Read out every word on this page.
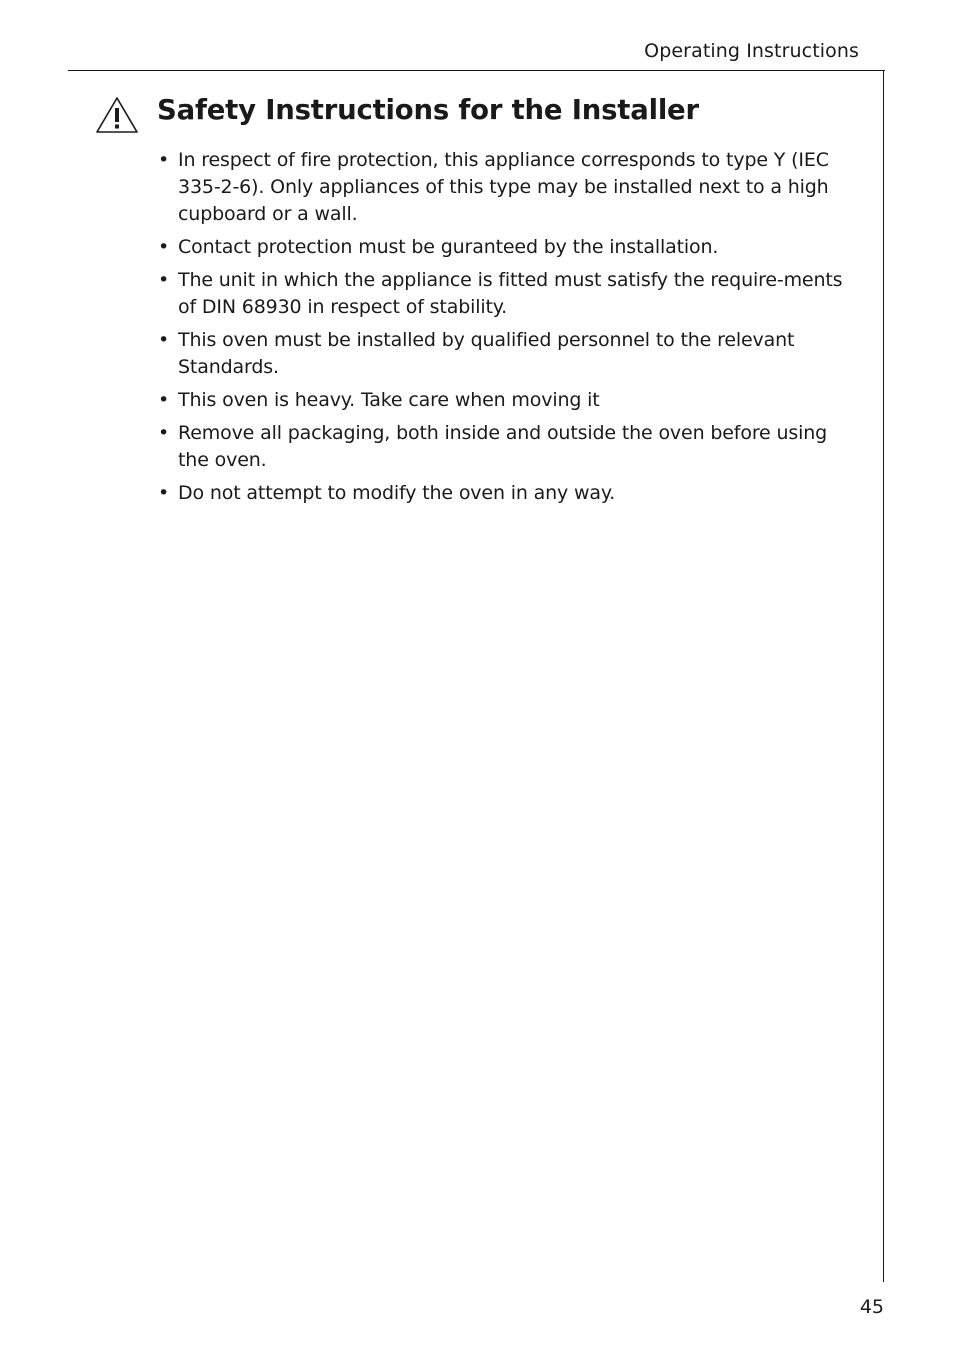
Operating Instructions
Safety Instructions for the Installer
• In respect of fire protection, this appliance corresponds to type Y (IEC 335-2-6). Only appliances of this type may be installed next to a high cupboard or a wall.
• Contact protection must be guranteed by the installation.
• The unit in which the appliance is fitted must satisfy the require-ments of DIN 68930 in respect of stability.
• This oven must be installed by qualified personnel to the relevant Standards.
• This oven is heavy. Take care when moving it
• Remove all packaging, both inside and outside the oven before using the oven.
• Do not attempt to modify the oven in any way.
45
